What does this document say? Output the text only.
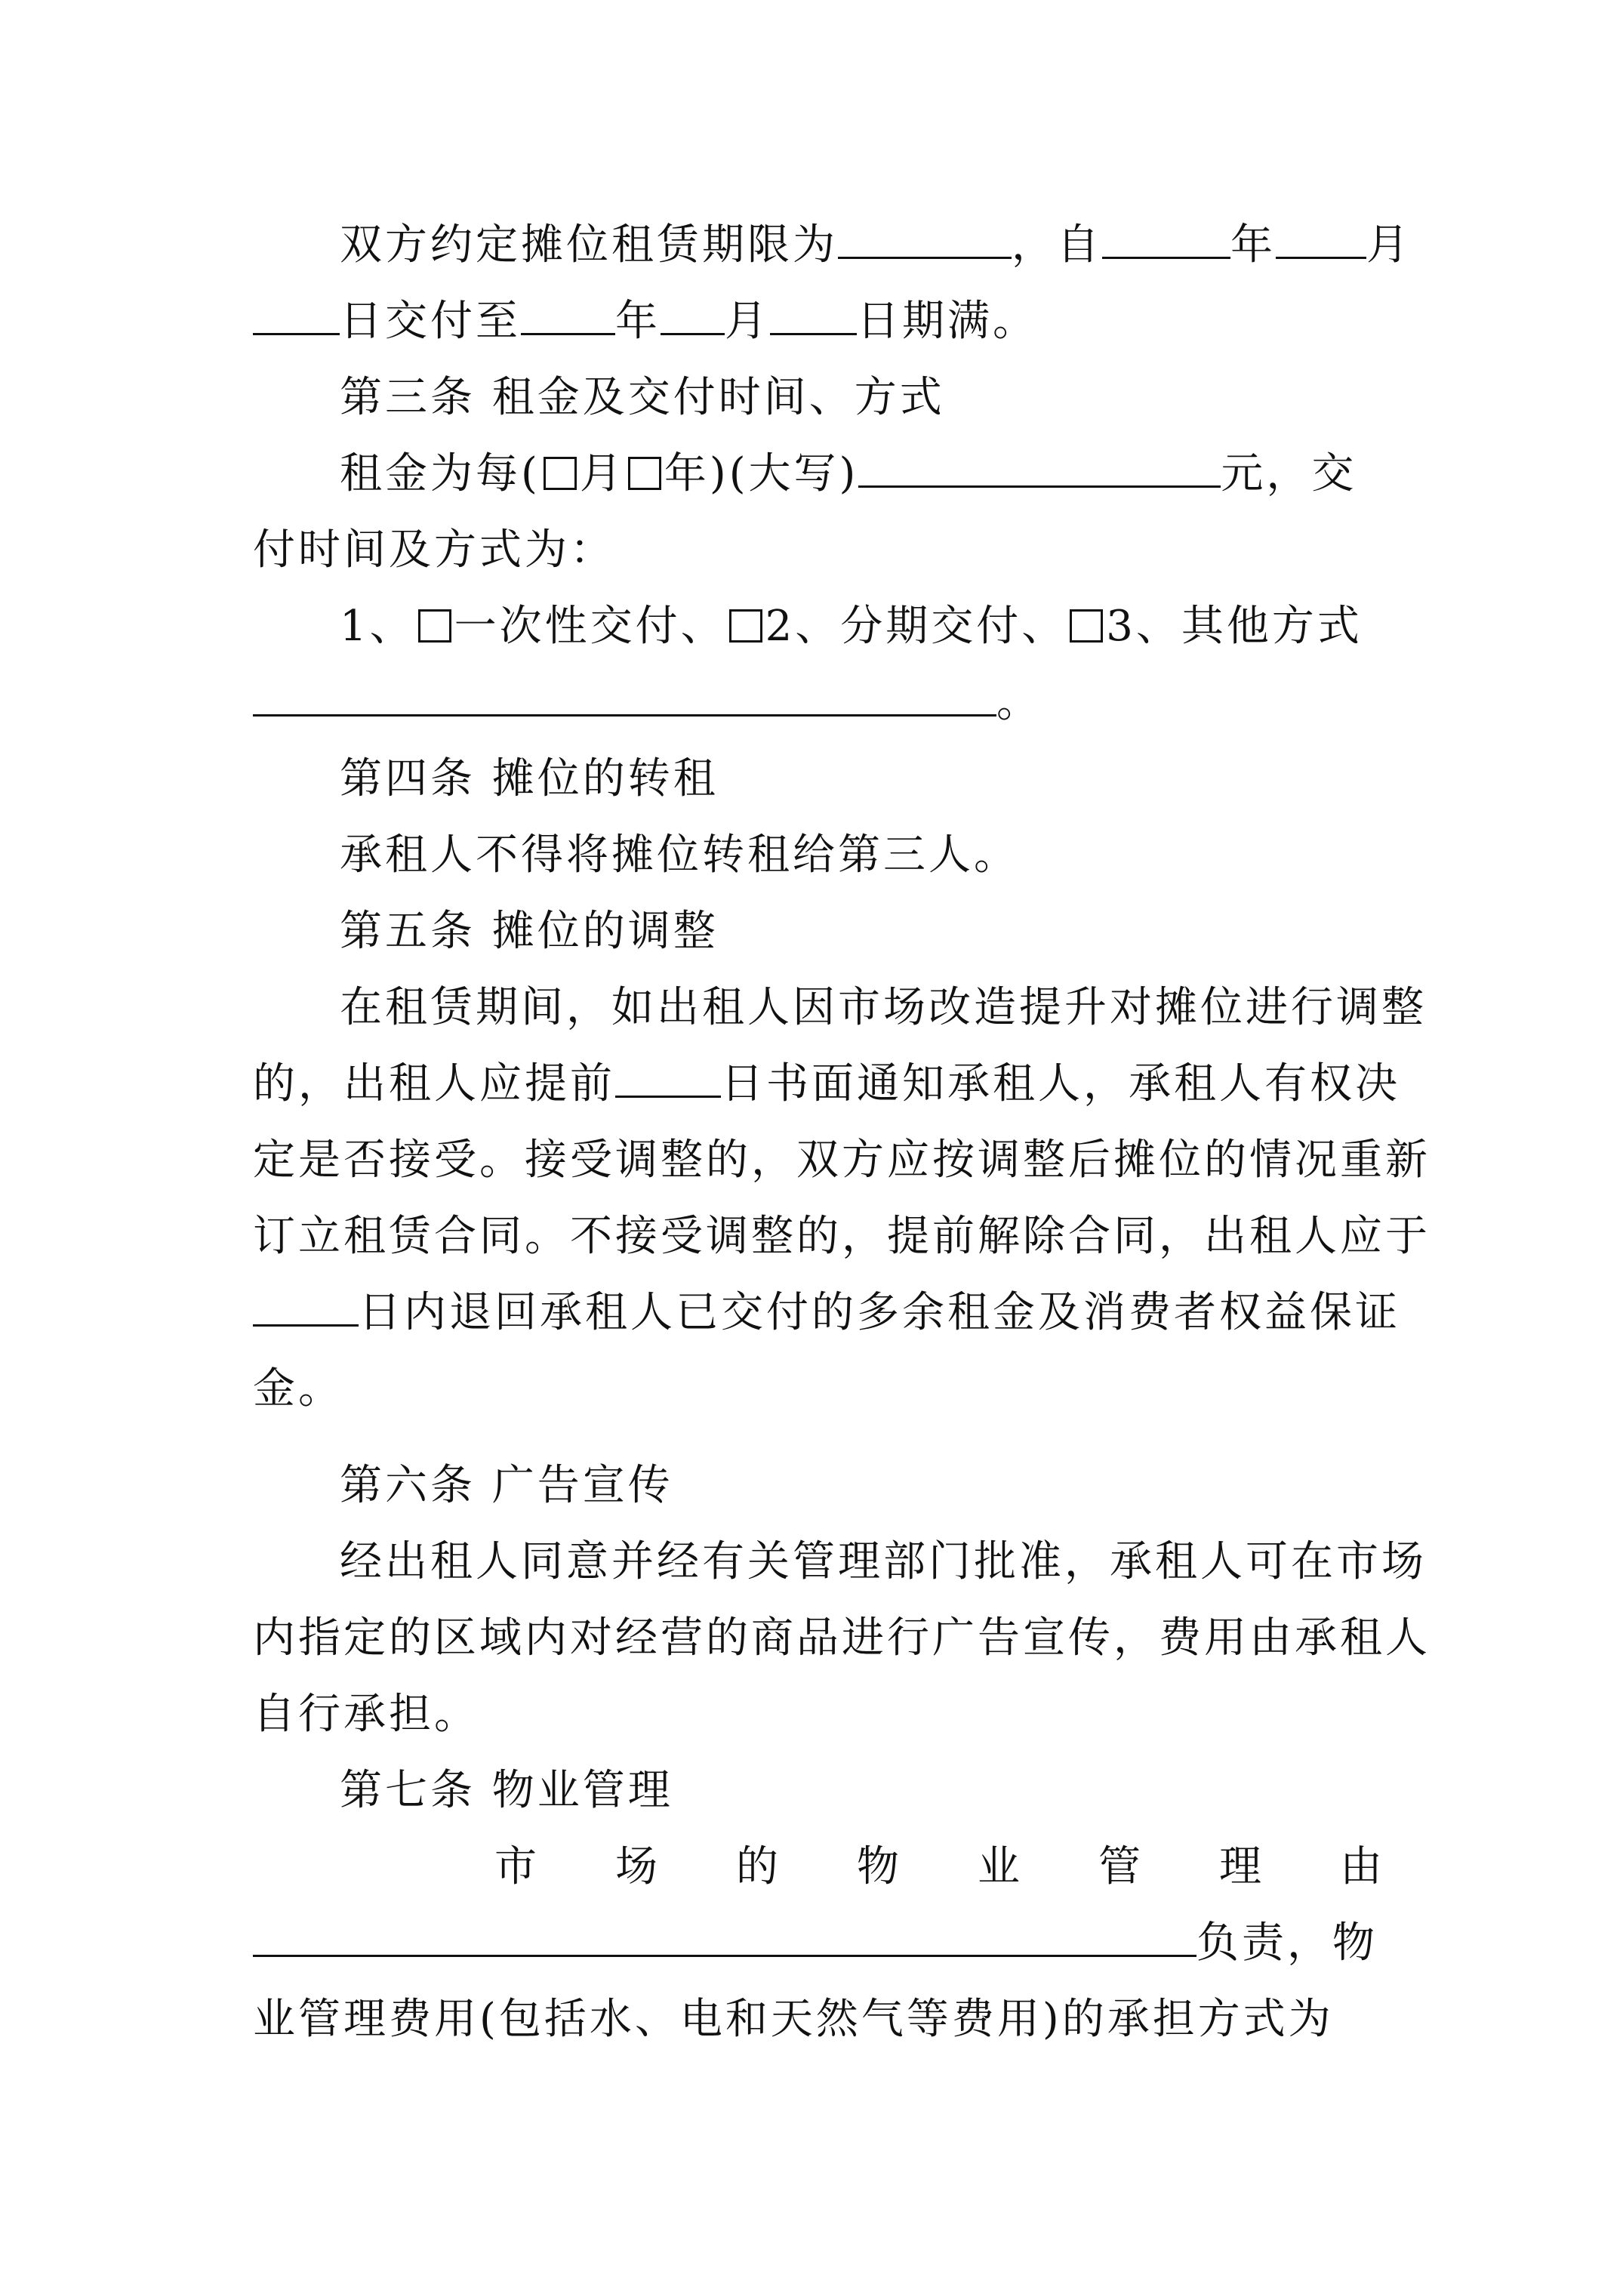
双方约定摊位租赁期限为	，自	年 月
日交付至 年 月 日期满。
第三条 租金及交付时间、方式
租金为每( 月 年)(大写)	元，交
付时间及方式为：
1、 一次性交付、 2、分期交付、 3、其他方式
。
第四条 摊位的转租
承租人不得将摊位转租给第三人。
第五条 摊位的调整
在租赁期间，如出租人因市场改造提升对摊位进行调整
的，出租人应提前	日书面通知承租人，承租人有权决
定是否接受。接受调整的，双方应按调整后摊位的情况重新
订立租赁合同。不接受调整的，提前解除合同，出租人应于
日内退回承租人已交付的多余租金及消费者权益保证
金。
第六条 广告宣传
经出租人同意并经有关管理部门批准，承租人可在市场
内指定的区域内对经营的商品进行广告宣传，费用由承租人
自行承担。
第七条 物业管理
市 场 的 物 业 管 理 由
负责，物
业管理费用(包括水、电和天然气等费用)的承担方式为
